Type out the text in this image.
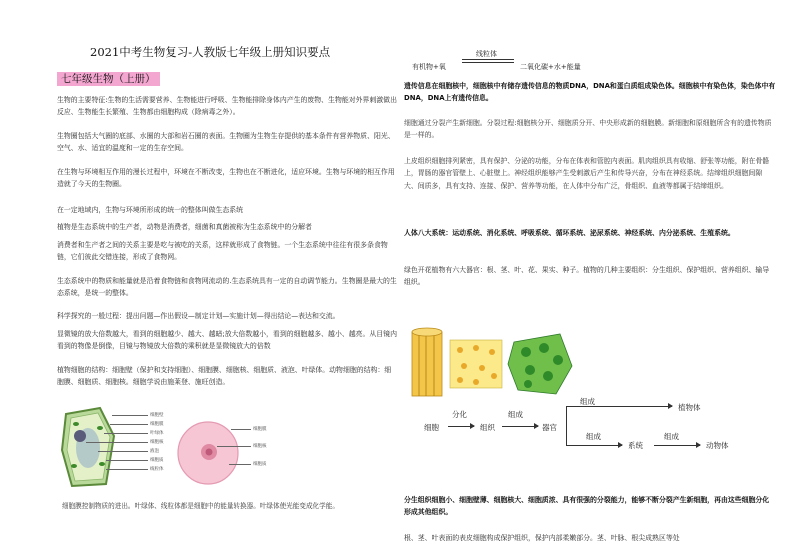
2021中考生物复习-人教版七年级上册知识要点
七年级生物（上册）
生物的主要特征:生物的生活需要营养、生物能进行呼吸、生物能排除身体内产生的废物、生物能对外界刺激做出反应、生物能生长繁殖、生物都由细胞构成（除病毒之外）。
生物圈包括大气圈的底部、水圈的大部和岩石圈的表面。生物圈为生物生存提供的基本条件有营养物质、阳光、空气、水、适宜的温度和一定的生存空间。
在生物与环境相互作用的漫长过程中，环境在不断改变，生物也在不断进化，适应环境。生物与环境的相互作用造就了今天的生物圈。
在一定地域内，生物与环境所形成的统一的整体叫做生态系统
植物是生态系统中的生产者，动物是消费者，细菌和真菌被称为生态系统中的分解者
消费者和生产者之间的关系主要是吃与被吃的关系，这样就形成了食物链。一个生态系统中往往有很多条食物链，它们彼此交错连接，形成了食物网。
生态系统中的物质和能量就是沿着食物链和食物网流动的.生态系统具有一定的自动调节能力。生物圈是最大的生态系统，是统一的整体。
科学探究的一般过程：提出问题—作出假设—制定计划—实施计划—得出结论—表达和交流。
显微镜的放大倍数越大，看到的细胞越少、越大、越暗;放大倍数越小，看到的细胞越多、越小、越亮。从目镜内看到的物像是倒像，目镜与物镜放大倍数的乘积就是显微镜放大的倍数
植物细胞的结构：细胞壁（保护和支持细胞）、细胞膜、细胞核、细胞质、液泡、叶绿体。动物细胞的结构：细胞膜、细胞质、细胞核。细胞学说由施莱登、施旺创造。
细胞壁
细胞膜
叶绿体
细胞核
液泡
细胞质
线粒体
细胞膜
细胞核
细胞质
细胞膜控制物质的进出。叶绿体、线粒体都是细胞中的能量转换器。叶绿体使光能变成化学能。
有机物+氧
线粒体
二氧化碳+水+能量
遗传信息在细胞核中，细胞核中有储存遗传信息的物质DNA，DNA和蛋白质组成染色体。细胞核中有染色体，染色体中有DNA，DNA上有遗传信息。
细胞通过分裂产生新细胞。分裂过程:细胞核分开、细胞质分开、中央形成新的细胞膜。新细胞和原细胞所含有的遗传物质是一样的。
上皮组织细胞排列紧密，具有保护、分泌的功能，分布在体表和管腔内表面。肌肉组织具有收缩、舒张等功能，附在骨骼上，胃肠的器官管壁上、心脏壁上。神经组织能够产生受刺激后产生和传导兴奋，分布在神经系统。结缔组织细胞间隙大、间质多，具有支持、连接、保护、营养等功能，在人体中分布广泛，骨组织、血液等都属于结缔组织。
人体八大系统：运动系统、消化系统、呼吸系统、循环系统、泌尿系统、神经系统、内分泌系统、生殖系统。
绿色开花植物有六大器官：根、茎、叶、花、果实、种子。植物的几种主要组织：分生组织、保护组织、营养组织、输导组织。
细胞
分化
组织
组成
器官
组成
植物体
组成
系统
组成
动物体
分生组织细胞小、细胞壁薄、细胞核大、细胞质浓、具有很强的分裂能力，能够不断分裂产生新细胞，再由这些细胞分化形成其他组织。
根、茎、叶表面的表皮细胞构成保护组织，保护内部柔嫩部分。茎、叶脉、根尖成熟区等处
